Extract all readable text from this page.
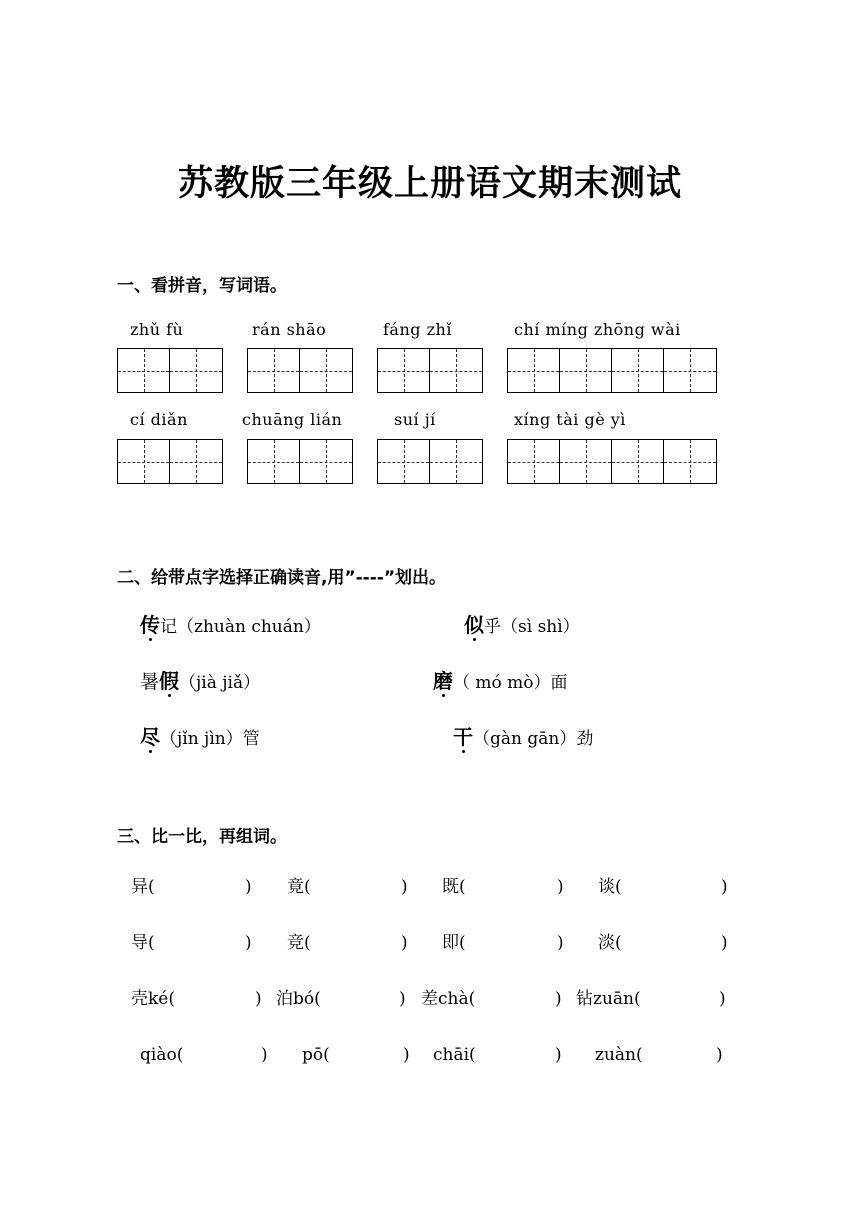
苏教版三年级上册语文期末测试
一、看拼音，写词语。
zhǔ fù	rán shāo	fáng zhǐ	chí míng zhōng wài
cí diǎn	chuāng lián	suí jí	xíng tài gè yì
二、给带点字选择正确读音,用”----”划出。
传记（zhuàn chuán）	似乎（sì shì）
暑假（jià jiǎ）	磨（ mó mò）面
尽（jǐn jìn）管	干（gàn gān）劲
三、比一比，再组词。
异(	) 竟(	) 既(	) 谈(	)
导(	) 竞(	) 即(	) 淡(	)
壳ké(	) 泊bó(	) 差chà(	) 钻zuān(	)
qiào(	) pō(	) chāi(	) zuàn(	)
